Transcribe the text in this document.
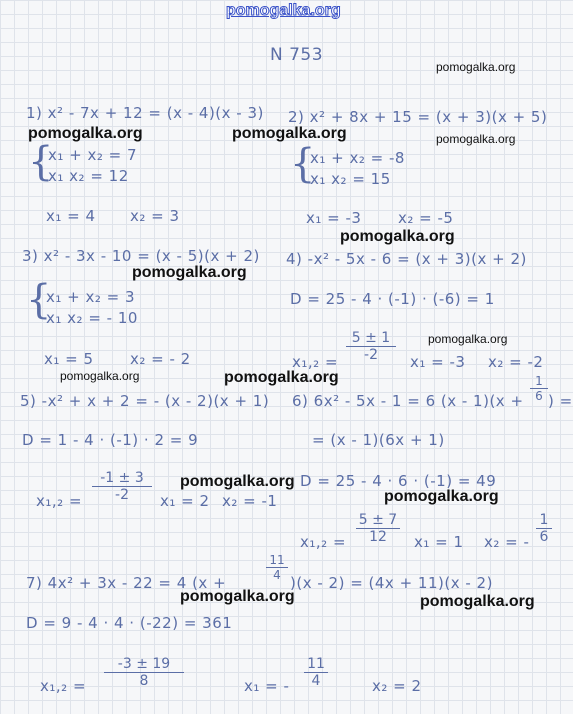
pomogalka.org
N 753
pomogalka.org
1) x² - 7x + 12 = (x - 4)(x - 3)
pomogalka.org	pomogalka.org
{
x₁ + x₂ = 7
x₁ x₂ = 12
x₁ = 4 x₂ = 3
2) x² + 8x + 15 = (x + 3)(x + 5)
pomogalka.org
{
x₁ + x₂ = -8
x₁ x₂ = 15
x₁ = -3 x₂ = -5
pomogalka.org
3) x² - 3x - 10 = (x - 5)(x + 2)
pomogalka.org
{
x₁ + x₂ = 3
x₁ x₂ = - 10
x₁ = 5 x₂ = - 2
pomogalka.org
4) -x² - 5x - 6 = (x + 3)(x + 2)
D = 25 - 4 · (-1) · (-6) = 1
$x_1,_2 = \frac{5 \pm 1}{-2}$	pomogalka.org
x₁ = -3 x₂ = -2
pomogalka.org
5) -x² + x + 2 = - (x - 2)(x + 1)
D = 1 - 4 · (-1) · 2 = 9
pomogalka.org
$x_1,_2 = \frac{-1 \pm 3}{-2} x_1 = 2$ x₂ = -1
6) 6x² - 5x - 1 = 6 $(x - 1)(x + \frac{1}{6}$ ) =
= (x - 1)(6x + 1)
D = 25 - 4 · 6 · (-1) = 49
pomogalka.org
$x_1,_2 = \frac{5 \pm 7}{12} x_1 = 1$ x₂ = - $\frac{1}{6}$
7) 4x² + 3x - 22 = 4 (x +
$\frac{11}{4}$
)(x - 2) = (4x + 11)(x - 2)
pomogalka.org	pomogalka.org
D = 9 - 4 · 4 · (-22) = 361
$x_1,_2 = \frac{-3 \pm 19}{8}$	x₁ = - $\frac{11}{4}$	x₂ = 2
